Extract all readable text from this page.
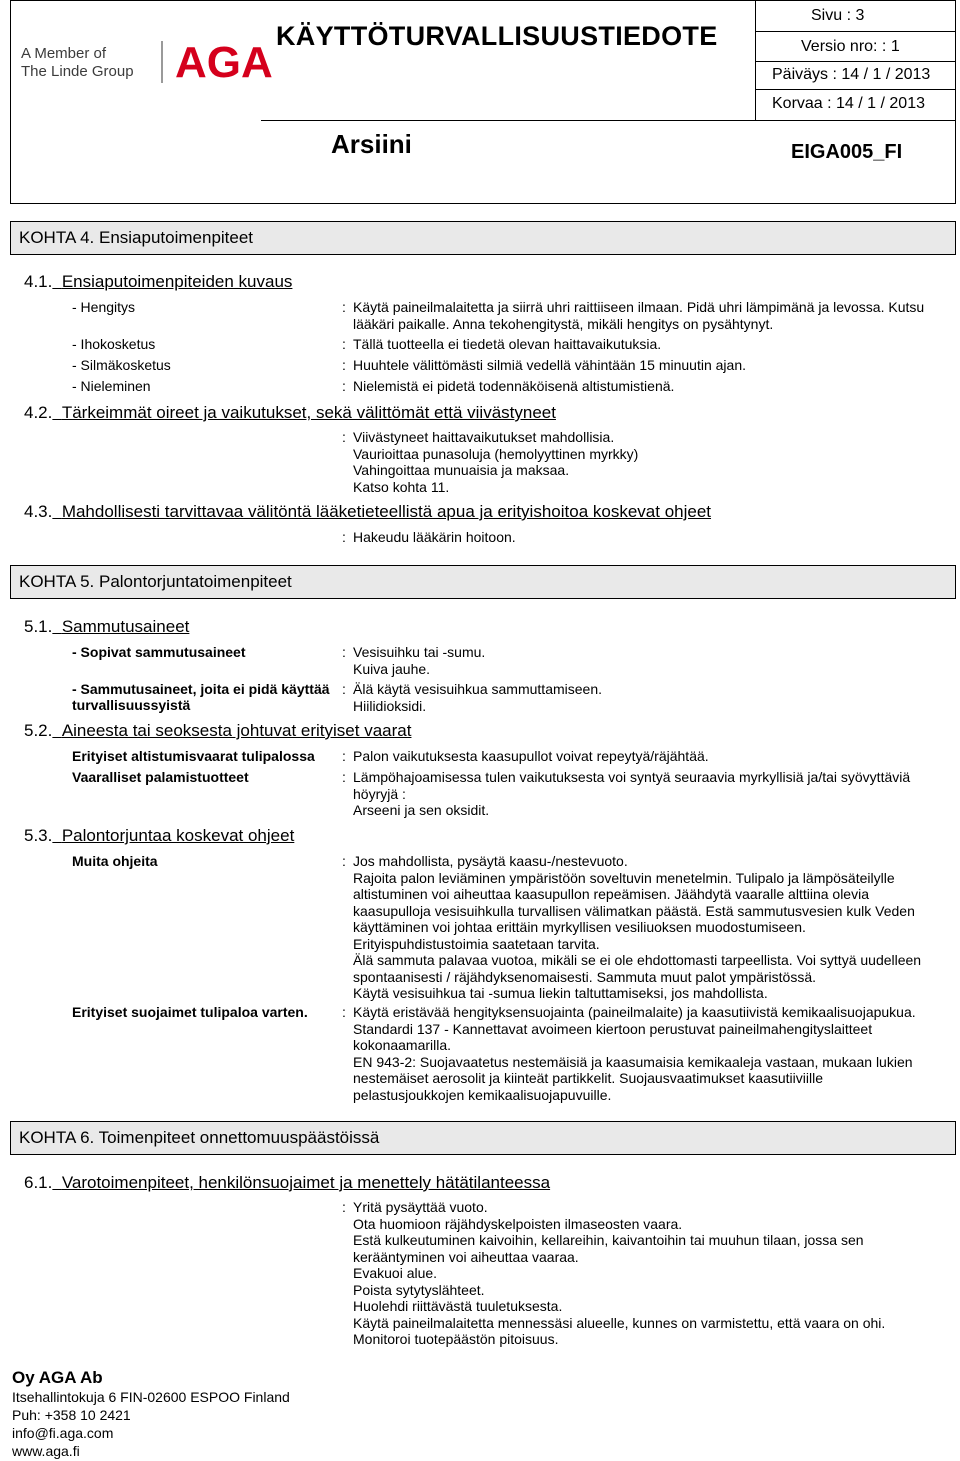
A Member of
The Linde Group AGA
KÄYTTÖTURVALLISUUSTIEDOTE
Arsiini
Sivu : 3
Versio nro: : 1
Päiväys : 14 / 1 / 2013
Korvaa : 14 / 1 / 2013
EIGA005_FI
KOHTA 4. Ensiaputoimenpiteet
4.1. Ensiaputoimenpiteiden kuvaus
- Hengitys	: Käytä paineilmalaitetta ja siirrä uhri raittiiseen ilmaan. Pidä uhri lämpimänä ja levossa. Kutsu lääkäri paikalle. Anna tekohengitystä, mikäli hengitys on pysähtynyt.
- Ihokosketus	: Tällä tuotteella ei tiedetä olevan haittavaikutuksia.
- Silmäkosketus	: Huuhtele välittömästi silmiä vedellä vähintään 15 minuutin ajan.
- Nieleminen	: Nielemistä ei pidetä todennäköisenä altistumistienä.
4.2. Tärkeimmät oireet ja vaikutukset, sekä välittömät että viivästyneet
: Viivästyneet haittavaikutukset mahdollisia.
Vaurioittaa punasoluja (hemolyyttinen myrkky)
Vahingoittaa munuaisia ja maksaa.
Katso kohta 11.
4.3. Mahdollisesti tarvittavaa välitöntä lääketieteellistä apua ja erityishoitoa koskevat ohjeet
: Hakeudu lääkärin hoitoon.
KOHTA 5. Palontorjuntatoimenpiteet
5.1. Sammutusaineet
- Sopivat sammutusaineet	: Vesisuihku tai -sumu.
Kuiva jauhe.
- Sammutusaineet, joita ei pidä käyttää turvallisuussyistä
: Älä käytä vesisuihkua sammuttamiseen.
Hiilidioksidi.
5.2. Aineesta tai seoksesta johtuvat erityiset vaarat
Erityiset altistumisvaarat tulipalossa : Palon vaikutuksesta kaasupullot voivat repeytyä/räjähtää.
Vaaralliset palamistuotteet	: Lämpöhajoamisessa tulen vaikutuksesta voi syntyä seuraavia myrkyllisiä ja/tai syövyttäviä höyryjä :
Arseeni ja sen oksidit.
5.3. Palontorjuntaa koskevat ohjeet
Muita ohjeita	: Jos mahdollista, pysäytä kaasu-/nestevuoto.
Rajoita palon leviäminen ympäristöön soveltuvin menetelmin. Tulipalo ja lämpösäteilylle altistuminen voi aiheuttaa kaasupullon repeämisen. Jäähdytä vaaralle alttiina olevia kaasupulloja vesisuihkulla turvallisen välimatkan päästä. Estä sammutusvesien kulk Veden käyttäminen voi johtaa erittäin myrkyllisen vesiliuoksen muodostumiseen.
Erityispuhdistustoimia saatetaan tarvita.
Älä sammuta palavaa vuotoa, mikäli se ei ole ehdottomasti tarpeellista. Voi syttyä uudelleen spontaanisesti / räjähdyksenomaisesti. Sammuta muut palot ympäristössä.
Käytä vesisuihkua tai -sumua liekin taltuttamiseksi, jos mahdollista.
Erityiset suojaimet tulipaloa varten. : Käytä eristävää hengityksensuojainta (paineilmalaite) ja kaasutiivistä kemikaalisuojapukua.
Standardi 137 - Kannettavat avoimeen kiertoon perustuvat paineilmahengityslaitteet kokonaamarilla.
EN 943-2: Suojavaatetus nestemäisiä ja kaasumaisia kemikaaleja vastaan, mukaan lukien nestemäiset aerosolit ja kiinteät partikkelit. Suojausvaatimukset kaasutiiviille pelastusjoukkojen kemikaalisuojapuvuille.
KOHTA 6. Toimenpiteet onnettomuuspäästöissä
6.1. Varotoimenpiteet, henkilönsuojaimet ja menettely hätätilanteessa
: Yritä pysäyttää vuoto.
Ota huomioon räjähdyskelpoisten ilmaseosten vaara.
Estä kulkeutuminen kaivoihin, kellareihin, kaivantoihin tai muuhun tilaan, jossa sen kerääntyminen voi aiheuttaa vaaraa.
Evakuoi alue.
Poista sytytyslähteet.
Huolehdi riittävästä tuuletuksesta.
Käytä paineilmalaitetta mennessäsi alueelle, kunnes on varmistettu, että vaara on ohi.
Monitoroi tuotepäästön pitoisuus.
Oy AGA Ab
Itsehallintokuja 6 FIN-02600 ESPOO Finland
Puh: +358 10 2421
info@fi.aga.com
www.aga.fi
